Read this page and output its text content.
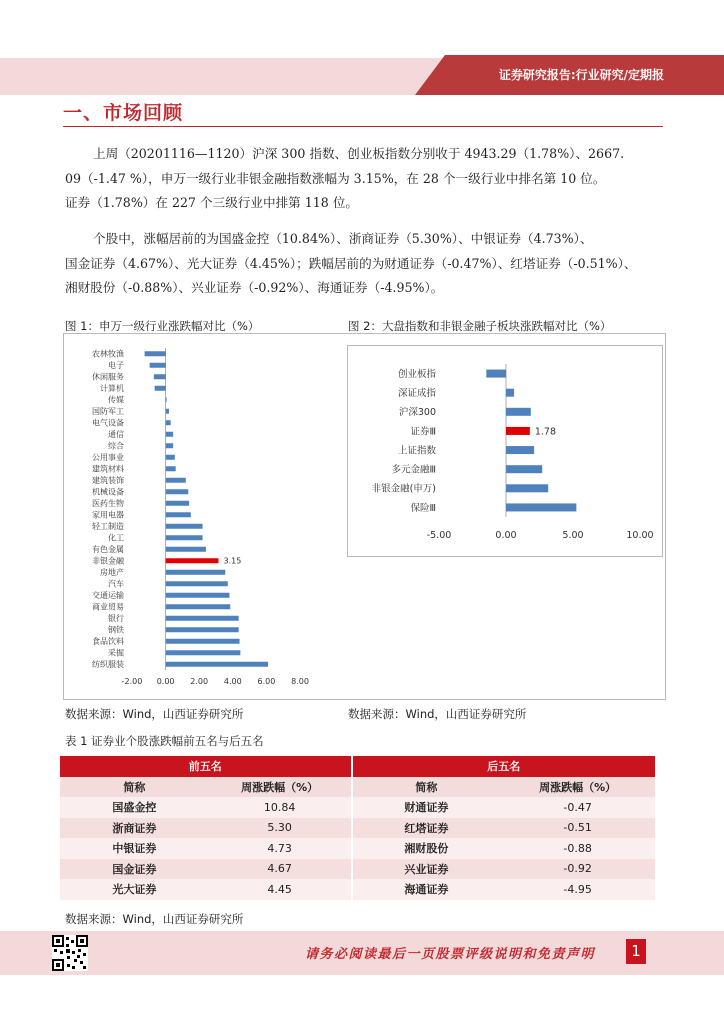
证券研究报告:行业研究/定期报
一、市场回顾
上周（20201116—1120）沪深 300 指数、创业板指数分别收于 4943.29（1.78%）、2667.
09（-1.47 %），申万一级行业非银金融指数涨幅为 3.15%，在 28 个一级行业中排名第 10 位。
证券（1.78%）在 227 个三级行业中排第 118 位。
个股中，涨幅居前的为国盛金控（10.84%）、浙商证券（5.30%）、中银证券（4.73%）、
国金证券（4.67%）、光大证券（4.45%）；跌幅居前的为财通证券（-0.47%）、红塔证券（-0.51%）、
湘财股份（-0.88%）、兴业证券（-0.92%）、海通证券（-4.95%）。
图 1：申万一级行业涨跌幅对比（%）	图 2：大盘指数和非银金融子板块涨跌幅对比（%）
农林牧渔
电子
休闲服务
计算机
传媒
国防军工
电气设备
通信
综合
公用事业
建筑材料
建筑装饰
机械设备
医药生物
家用电器
轻工制造
化工
有色金属
非银金融	3.15
房地产
汽车
交通运输
商业贸易
银行
钢铁
食品饮料
采掘
纺织服装
-2.00 0.00 2.00 4.00 6.00 8.00
创业板指
深证成指
沪深300
证券Ⅲ	1.78
上证指数
多元金融Ⅲ
非银金融(申万)
保险Ⅲ
-5.00	0.00	5.00	10.00
数据来源：Wind，山西证券研究所	数据来源：Wind，山西证券研究所
表 1 证券业个股涨跌幅前五名与后五名
前五名		后五名	
简称	周涨跌幅（%）	简称	周涨跌幅（%）
国盛金控	10.84	财通证券	-0.47
浙商证券	5.30	红塔证券	-0.51
中银证券	4.73	湘财股份	-0.88
国金证券	4.67	兴业证券	-0.92
光大证券	4.45	海通证券	-4.95
数据来源：Wind，山西证券研究所
请务必阅读最后一页股票评级说明和免责声明	1
